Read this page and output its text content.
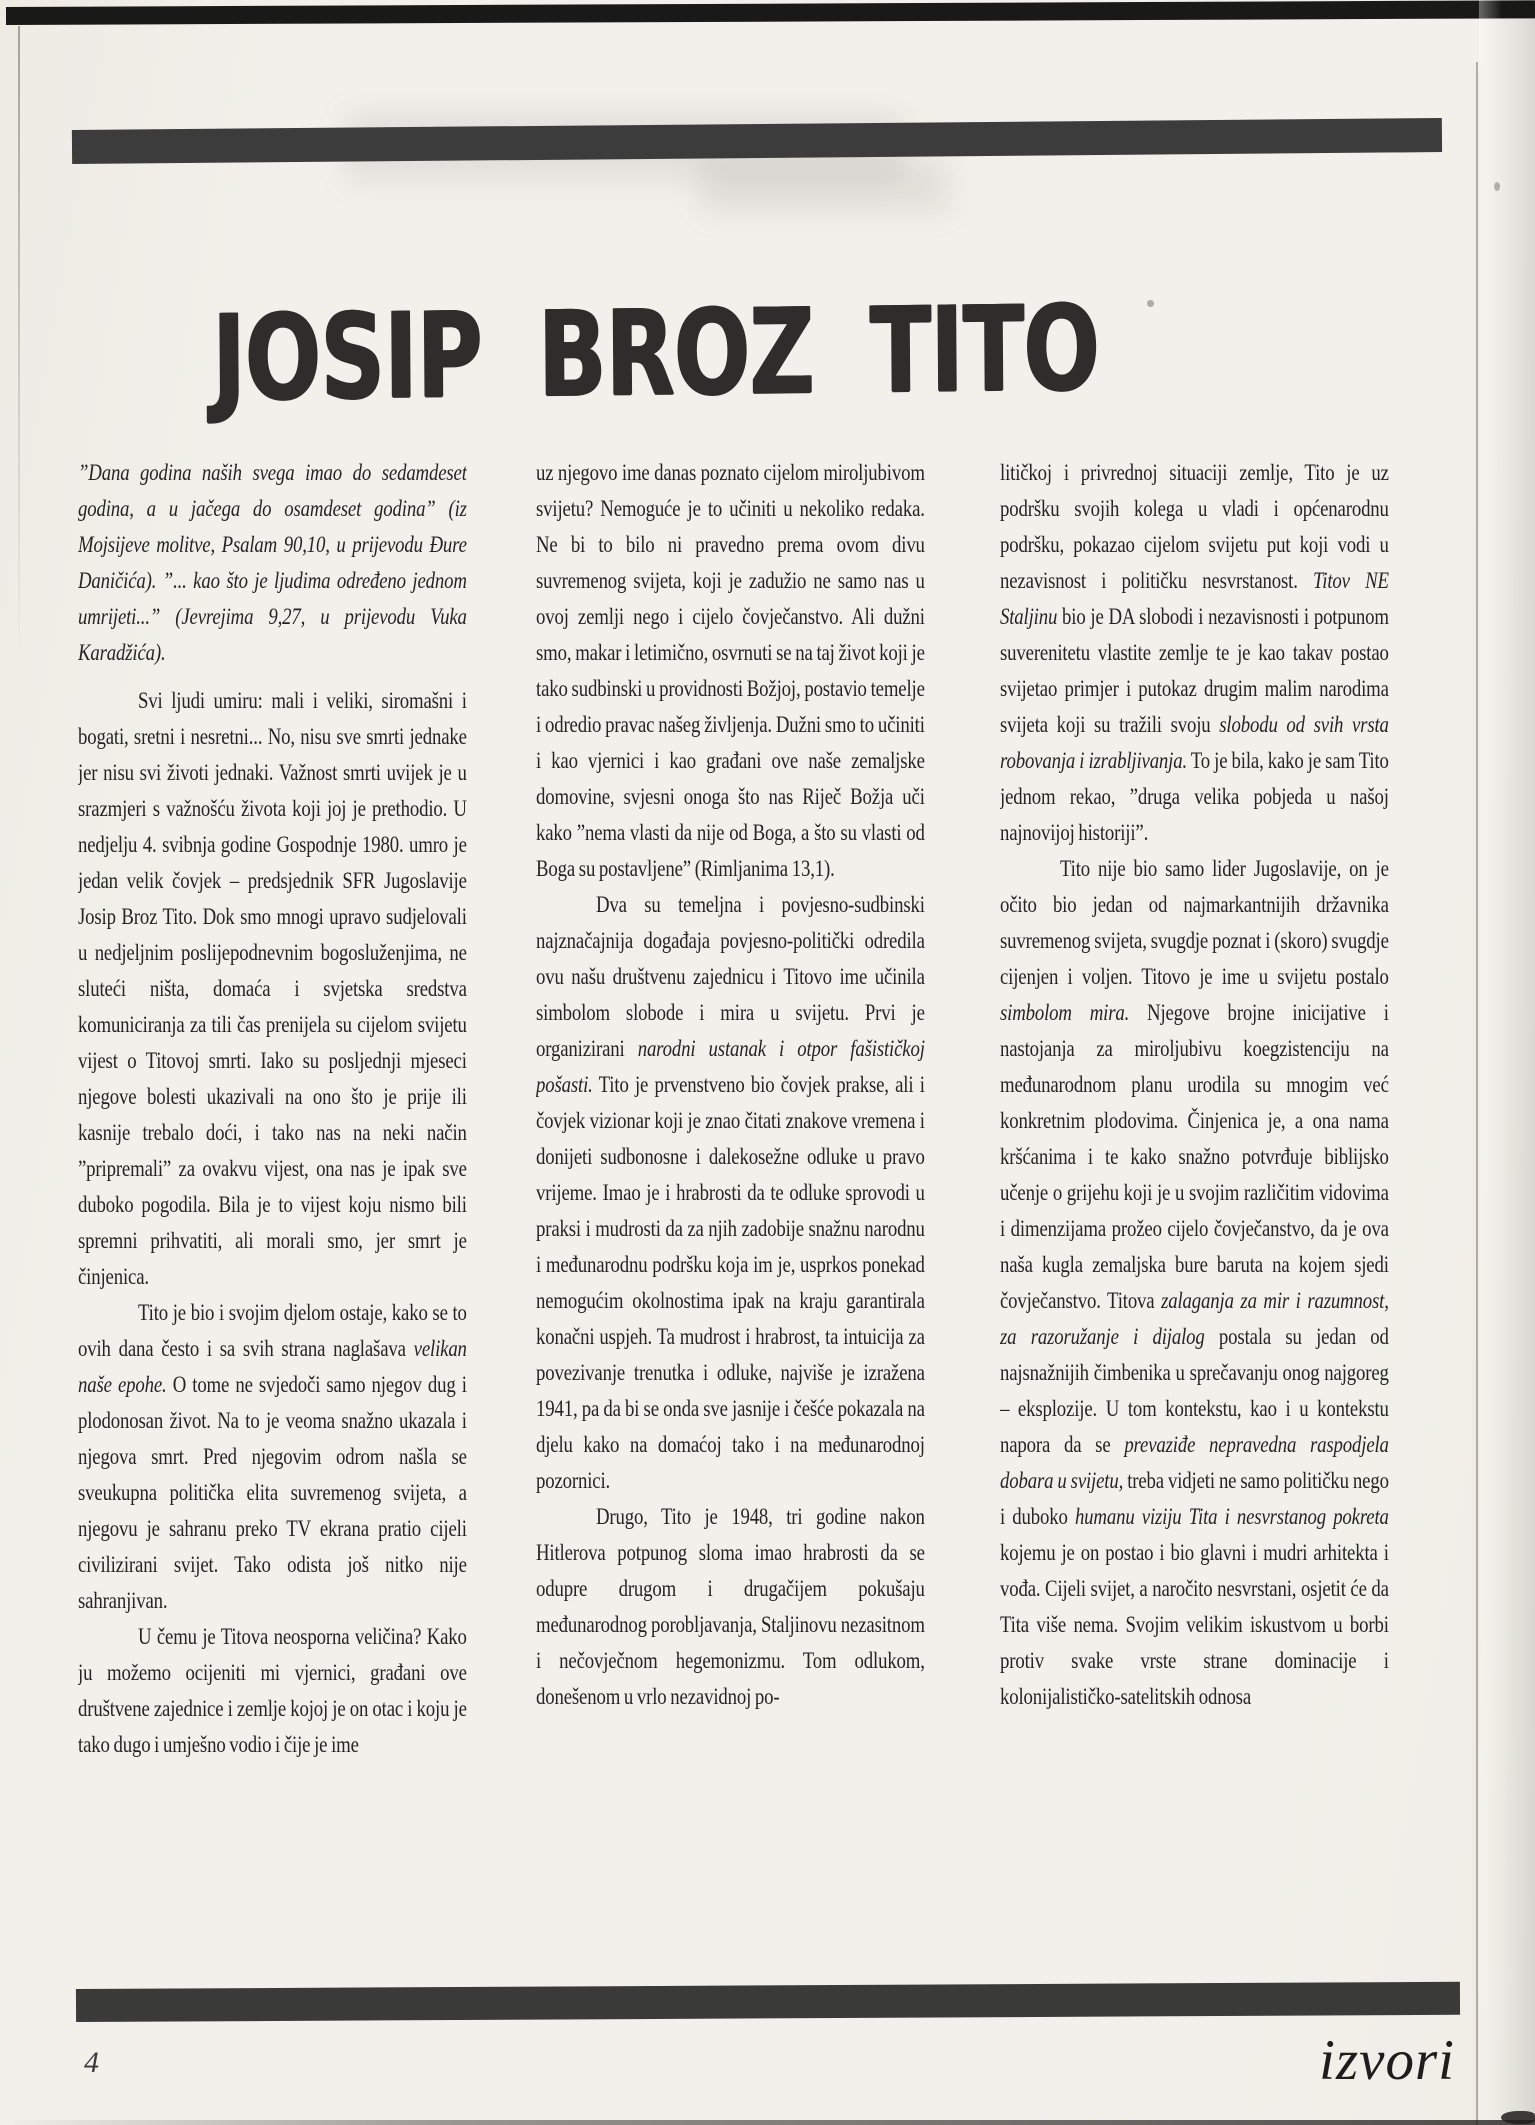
JOSIP BROZ TITO

”Dana godina naših svega imao do sedamdeset godina, a u jačega do osamdeset godina” (iz Mojsijeve molitve, Psalam 90,10, u prijevodu Đure Daničića). ”... kao što je ljudima određeno jednom umrijeti...” (Jevrejima 9,27, u prijevodu Vuka Karadžića).

Svi ljudi umiru: mali i veliki, siromašni i bogati, sretni i nesretni... No, nisu sve smrti jednake jer nisu svi životi jednaki. Važnost smrti uvijek je u srazmjeri s važnošću života koji joj je prethodio. U nedjelju 4. svibnja godine Gospodnje 1980. umro je jedan velik čovjek – predsjednik SFR Jugoslavije Josip Broz Tito. Dok smo mnogi upravo sudjelovali u nedjeljnim poslijepodnevnim bogosluženjima, ne sluteći ništa, domaća i svjetska sredstva komuniciranja za tili čas prenijela su cijelom svijetu vijest o Titovoj smrti. Iako su posljednji mjeseci njegove bolesti ukazivali na ono što je prije ili kasnije trebalo doći, i tako nas na neki način ”pripremali” za ovakvu vijest, ona nas je ipak sve duboko pogodila. Bila je to vijest koju nismo bili spremni prihvatiti, ali morali smo, jer smrt je činjenica.

Tito je bio i svojim djelom ostaje, kako se to ovih dana često i sa svih strana naglašava velikan naše epohe. O tome ne svjedoči samo njegov dug i plodonosan život. Na to je veoma snažno ukazala i njegova smrt. Pred njegovim odrom našla se sveukupna politička elita suvremenog svijeta, a njegovu je sahranu preko TV ekrana pratio cijeli civilizirani svijet. Tako odista još nitko nije sahranjivan.

U čemu je Titova neosporna veličina? Kako ju možemo ocijeniti mi vjernici, građani ove društvene zajednice i zemlje kojoj je on otac i koju je tako dugo i umješno vodio i čije je ime

uz njegovo ime danas poznato cijelom miroljubivom svijetu? Nemoguće je to učiniti u nekoliko redaka. Ne bi to bilo ni pravedno prema ovom divu suvremenog svijeta, koji je zadužio ne samo nas u ovoj zemlji nego i cijelo čovječanstvo. Ali dužni smo, makar i letimično, osvrnuti se na taj život koji je tako sudbinski u providnosti Božjoj, postavio temelje i odredio pravac našeg življenja. Dužni smo to učiniti i kao vjernici i kao građani ove naše zemaljske domovine, svjesni onoga što nas Riječ Božja uči kako ”nema vlasti da nije od Boga, a što su vlasti od Boga su postavljene” (Rimljanima 13,1).

Dva su temeljna i povjesno-sudbinski najznačajnija događaja povjesno-politički odredila ovu našu društvenu zajednicu i Titovo ime učinila simbolom slobode i mira u svijetu. Prvi je organizirani narodni ustanak i otpor fašističkoj pošasti. Tito je prvenstveno bio čovjek prakse, ali i čovjek vizionar koji je znao čitati znakove vremena i donijeti sudbonosne i dalekosežne odluke u pravo vrijeme. Imao je i hrabrosti da te odluke sprovodi u praksi i mudrosti da za njih zadobije snažnu narodnu i međunarodnu podršku koja im je, usprkos ponekad nemogućim okolnostima ipak na kraju garantirala konačni uspjeh. Ta mudrost i hrabrost, ta intuicija za povezivanje trenutka i odluke, najviše je izražena 1941, pa da bi se onda sve jasnije i češće pokazala na djelu kako na domaćoj tako i na međunarodnoj pozornici.

Drugo, Tito je 1948, tri godine nakon Hitlerova potpunog sloma imao hrabrosti da se odupre drugom i drugačijem pokušaju međunarodnog porobljavanja, Staljinovu nezasitnom i nečovječnom hegemonizmu. Tom odlukom, donešenom u vrlo nezavidnoj po-

litičkoj i privrednoj situaciji zemlje, Tito je uz podršku svojih kolega u vladi i općenarodnu podršku, pokazao cijelom svijetu put koji vodi u nezavisnost i političku nesvrstanost. Titov NE Staljinu bio je DA slobodi i nezavisnosti i potpunom suverenitetu vlastite zemlje te je kao takav postao svijetao primjer i putokaz drugim malim narodima svijeta koji su tražili svoju slobodu od svih vrsta robovanja i izrabljivanja. To je bila, kako je sam Tito jednom rekao, ”druga velika pobjeda u našoj najnovijoj historiji”.

Tito nije bio samo lider Jugoslavije, on je očito bio jedan od najmarkantnijih državnika suvremenog svijeta, svugdje poznat i (skoro) svugdje cijenjen i voljen. Titovo je ime u svijetu postalo simbolom mira. Njegove brojne inicijative i nastojanja za miroljubivu koegzistenciju na međunarodnom planu urodila su mnogim već konkretnim plodovima. Činjenica je, a ona nama kršćanima i te kako snažno potvrđuje biblijsko učenje o grijehu koji je u svojim različitim vidovima i dimenzijama prožeo cijelo čovječanstvo, da je ova naša kugla zemaljska bure baruta na kojem sjedi čovječanstvo. Titova zalaganja za mir i razumnost, za razoružanje i dijalog postala su jedan od najsnažnijih čimbenika u sprečavanju onog najgoreg – eksplozije. U tom kontekstu, kao i u kontekstu napora da se prevaziđe nepravedna raspodjela dobara u svijetu, treba vidjeti ne samo političku nego i duboko humanu viziju Tita i nesvrstanog pokreta kojemu je on postao i bio glavni i mudri arhitekta i vođa. Cijeli svijet, a naročito nesvrstani, osjetit će da Tita više nema. Svojim velikim iskustvom u borbi protiv svake vrste strane dominacije i kolonijalističko-satelitskih odnosa

4	izvori
